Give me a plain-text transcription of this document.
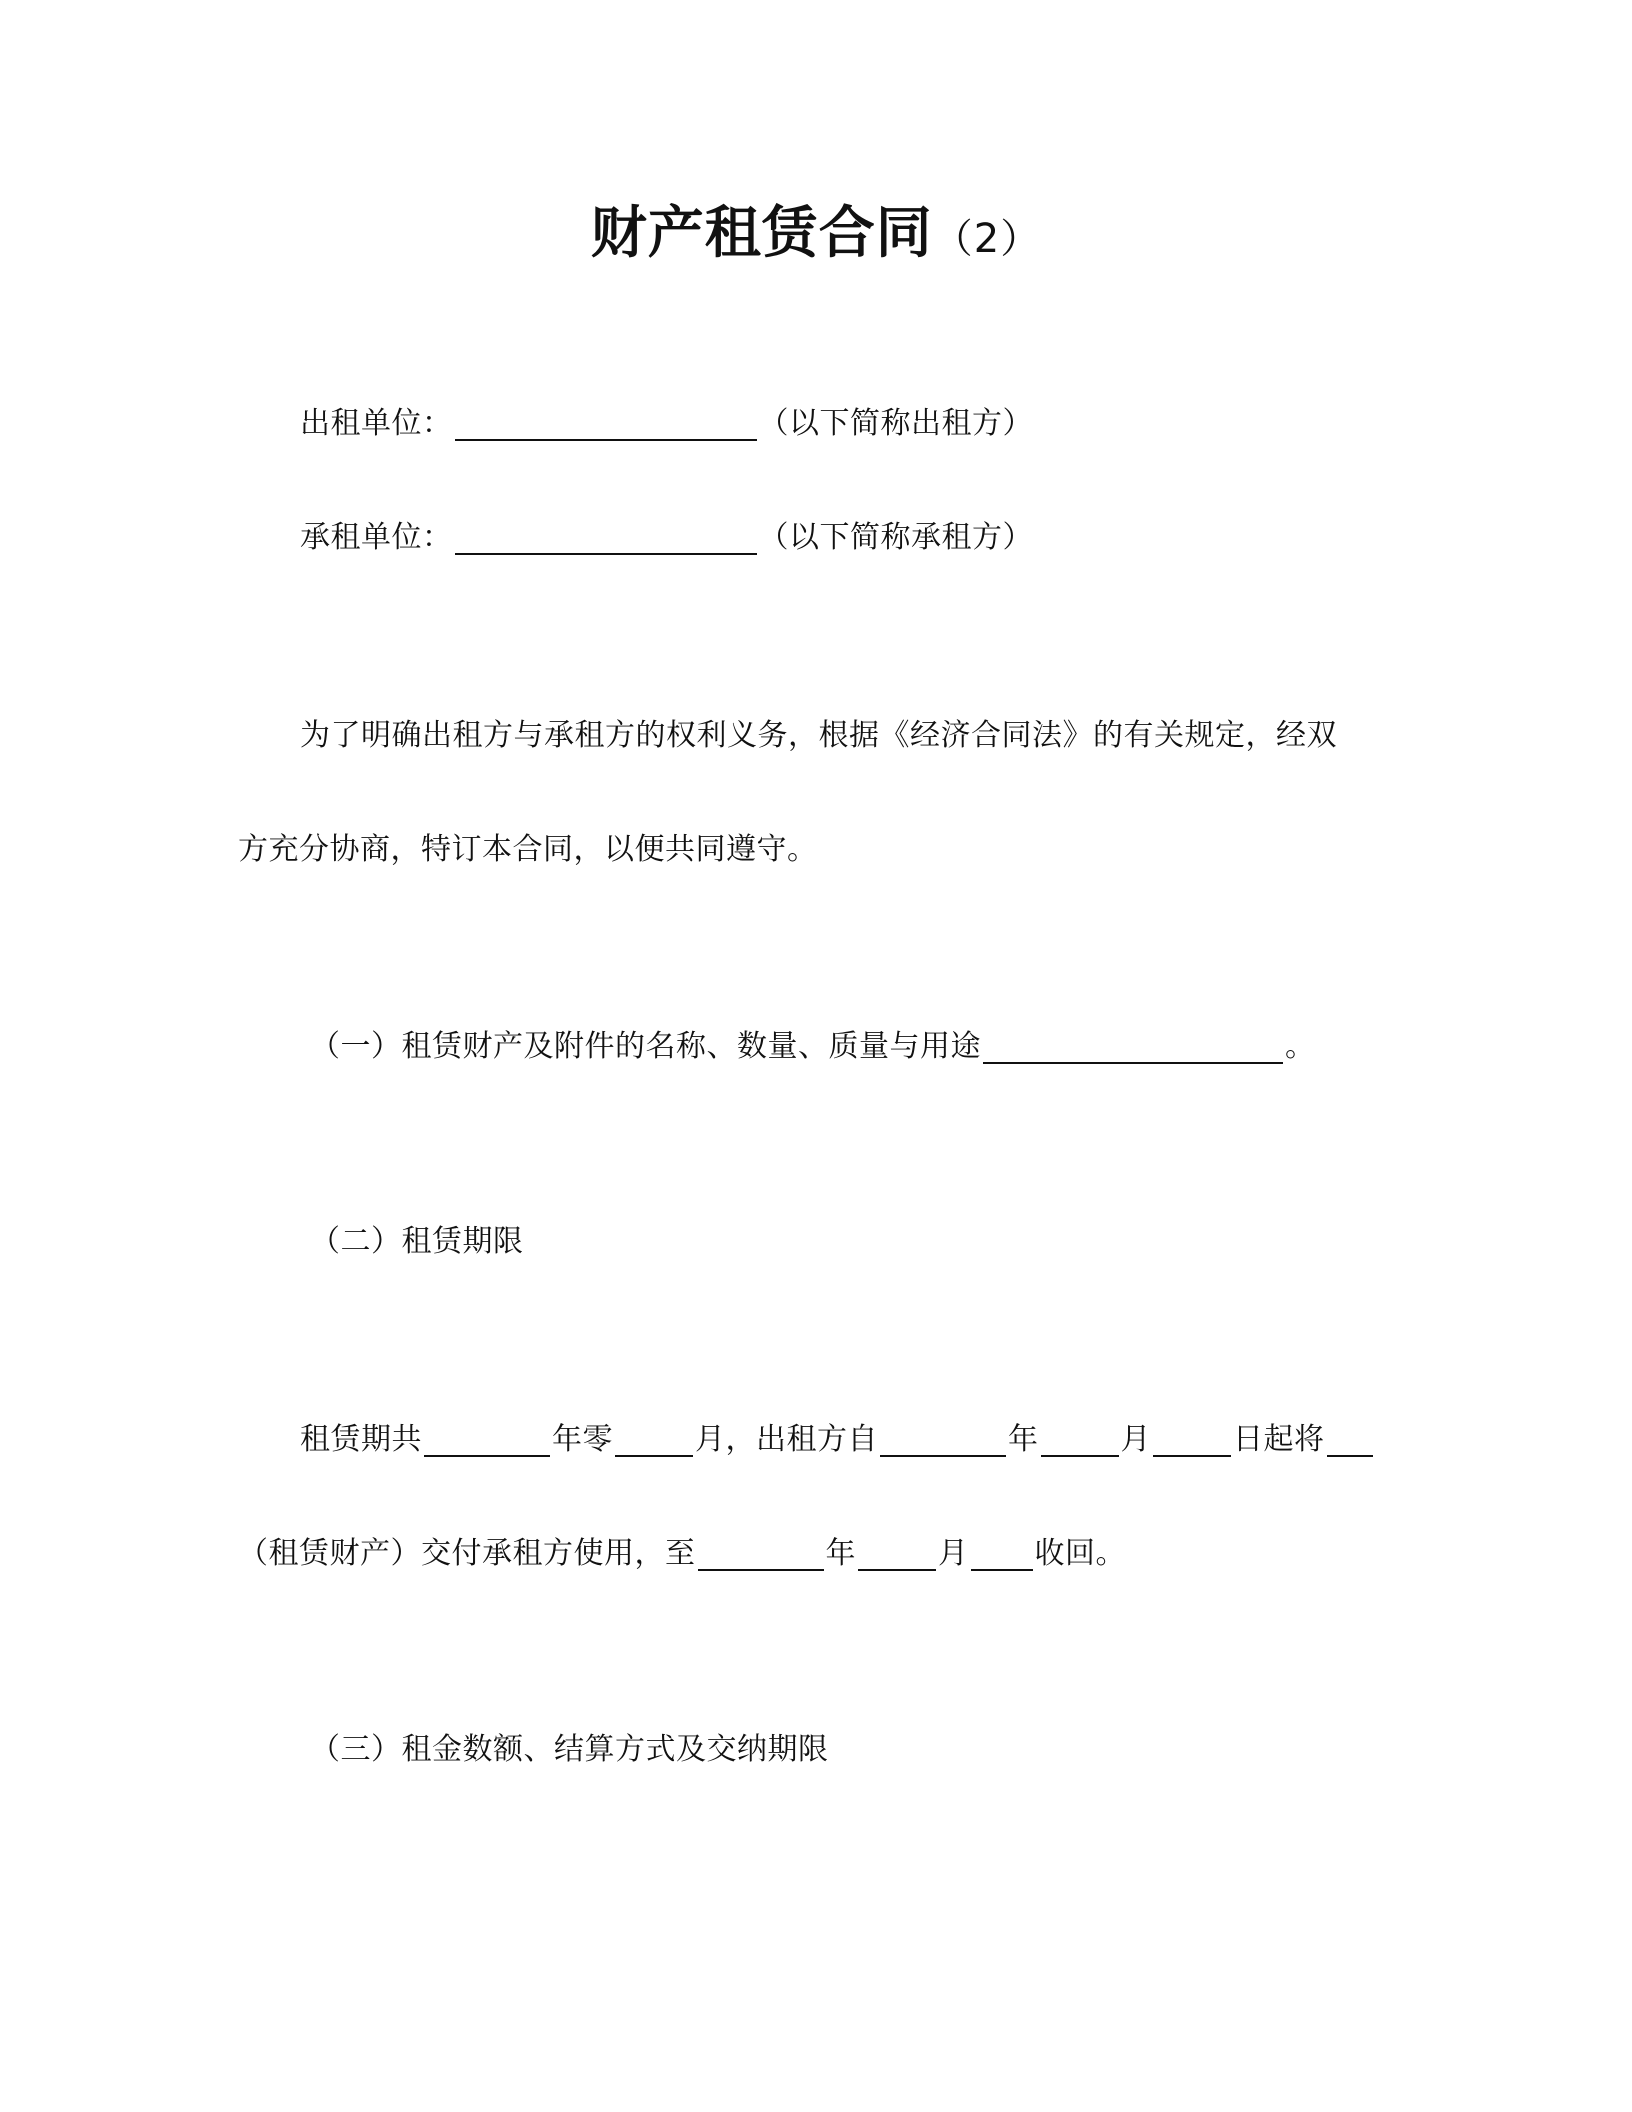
财产租赁合同（2）
出租单位：	（以下简称出租方）
承租单位：	（以下简称承租方）
为了明确出租方与承租方的权利义务，根据《经济合同法》的有关规定，经双
方充分协商，特订本合同，以便共同遵守。
（一）租赁财产及附件的名称、数量、质量与用途	。
（二）租赁期限
租赁期共	年零	月，出租方自	年	月	日起将
（租赁财产）交付承租方使用，至	年	月 收回。
（三）租金数额、结算方式及交纳期限
